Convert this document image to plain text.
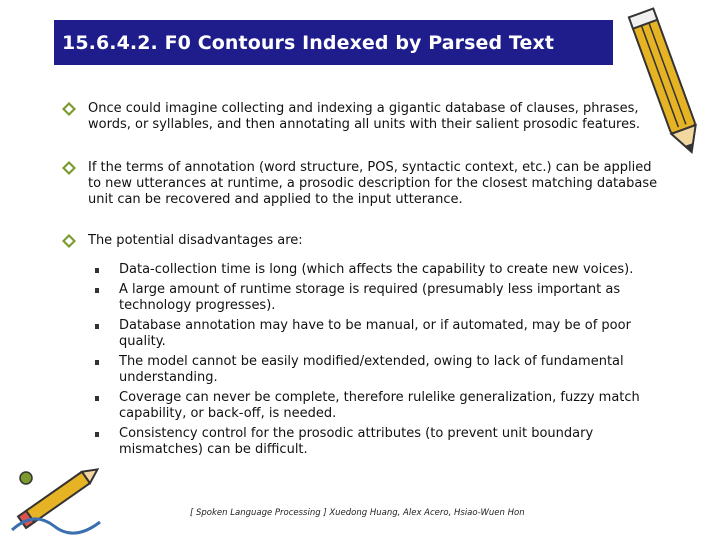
15.6.4.2. F0 Contours Indexed by Parsed Text
Once could imagine collecting and indexing a gigantic database of clauses, phrases, words, or syllables, and then annotating all units with their salient prosodic features.
If the terms of annotation (word structure, POS, syntactic context, etc.) can be applied to new utterances at runtime, a prosodic description for the closest matching database unit can be recovered and applied to the input utterance.
The potential disadvantages are:
Data-collection time is long (which affects the capability to create new voices).
A large amount of runtime storage is required (presumably less important as technology progresses).
Database annotation may have to be manual, or if automated, may be of poor quality.
The model cannot be easily modified/extended, owing to lack of fundamental understanding.
Coverage can never be complete, therefore rulelike generalization, fuzzy match capability, or back-off, is needed.
Consistency control for the prosodic attributes (to prevent unit boundary mismatches) can be difficult.
[ Spoken Language Processing ] Xuedong Huang, Alex Acero, Hsiao-Wuen Hon
